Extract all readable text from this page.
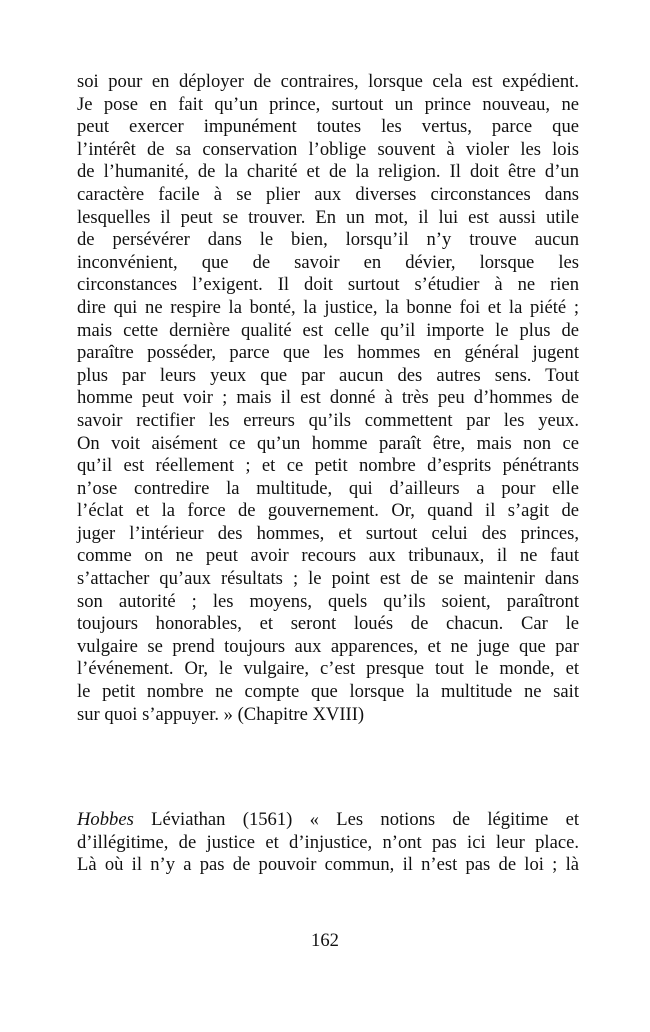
soi pour en déployer de contraires, lorsque cela est expédient.
Je pose en fait qu’un prince, surtout un prince nouveau, ne
peut exercer impunément toutes les vertus, parce que
l’intérêt de sa conservation l’oblige souvent à violer les lois
de l’humanité, de la charité et de la religion. Il doit être d’un
caractère facile à se plier aux diverses circonstances dans
lesquelles il peut se trouver. En un mot, il lui est aussi utile
de persévérer dans le bien, lorsqu’il n’y trouve aucun
inconvénient, que de savoir en dévier, lorsque les
circonstances l’exigent. Il doit surtout s’étudier à ne rien
dire qui ne respire la bonté, la justice, la bonne foi et la piété ;
mais cette dernière qualité est celle qu’il importe le plus de
paraître posséder, parce que les hommes en général jugent
plus par leurs yeux que par aucun des autres sens. Tout
homme peut voir ; mais il est donné à très peu d’hommes de
savoir rectifier les erreurs qu’ils commettent par les yeux.
On voit aisément ce qu’un homme paraît être, mais non ce
qu’il est réellement ; et ce petit nombre d’esprits pénétrants
n’ose contredire la multitude, qui d’ailleurs a pour elle
l’éclat et la force de gouvernement. Or, quand il s’agit de
juger l’intérieur des hommes, et surtout celui des princes,
comme on ne peut avoir recours aux tribunaux, il ne faut
s’attacher qu’aux résultats ; le point est de se maintenir dans
son autorité ; les moyens, quels qu’ils soient, paraîtront
toujours honorables, et seront loués de chacun. Car le
vulgaire se prend toujours aux apparences, et ne juge que par
l’événement. Or, le vulgaire, c’est presque tout le monde, et
le petit nombre ne compte que lorsque la multitude ne sait
sur quoi s’appuyer. » (Chapitre XVIII)
Hobbes Léviathan (1561) « Les notions de légitime et
d’illégitime, de justice et d’injustice, n’ont pas ici leur place.
Là où il n’y a pas de pouvoir commun, il n’est pas de loi ; là
162
